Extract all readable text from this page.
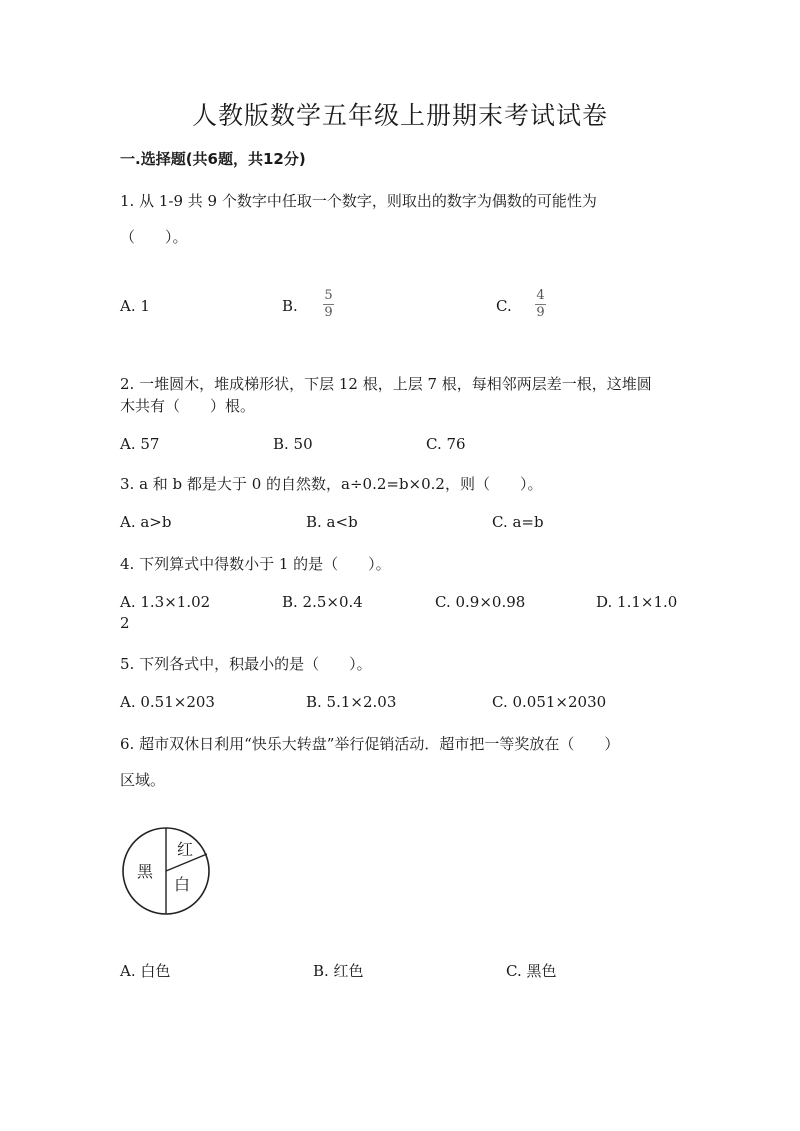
人教版数学五年级上册期末考试试卷
一.选择题(共6题，共12分)
1. 从 1-9 共 9 个数字中任取一个数字，则取出的数字为偶数的可能性为
（　　）。
A. 1	B.
5
9	C.
4
9
2. 一堆圆木，堆成梯形状，下层 12 根，上层 7 根，每相邻两层差一根，这堆圆
木共有（　　）根。
A. 57	B. 50	C. 76
3. a 和 b 都是大于 0 的自然数，a÷0.2=b×0.2，则（　　）。
A. a>b	B. a<b	C. a=b
4. 下列算式中得数小于 1 的是（　　）。
A. 1.3×1.02	B. 2.5×0.4	C. 0.9×0.98	D. 1.1×1.0
2
5. 下列各式中，积最小的是（　　）。
A. 0.51×203	B. 5.1×2.03	C. 0.051×2030
6. 超市双休日利用“快乐大转盘”举行促销活动．超市把一等奖放在（　　）
区域。
红
黑
白
A. 白色	B. 红色	C. 黑色
